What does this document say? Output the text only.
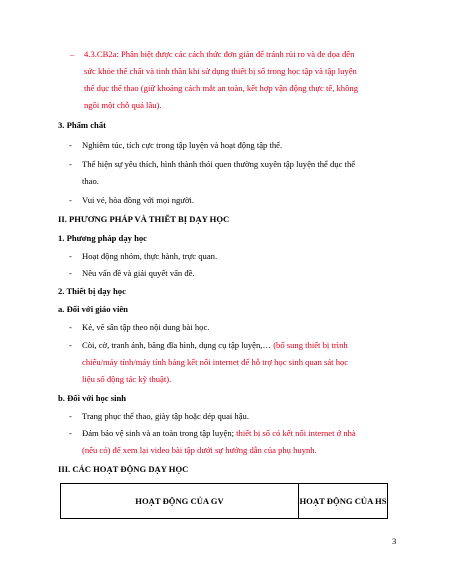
– 4.3.CB2a: Phân biệt được các cách thức đơn giản để tránh rủi ro và đe dọa đến
sức khỏe thể chất và tinh thần khi sử dụng thiết bị số trong học tập và tập luyện
thể dục thể thao (giữ khoảng cách mắt an toàn, kết hợp vận động thực tế, không
ngồi một chỗ quá lâu).
3. Phẩm chất
- Nghiêm túc, tích cực trong tập luyện và hoạt động tập thể.
- Thể hiện sự yêu thích, hình thành thói quen thường xuyên tập luyện thể dục thể
thao.
- Vui vẻ, hòa đồng với mọi người.
II. PHƯƠNG PHÁP VÀ THIẾT BỊ DẠY HỌC
1. Phương pháp dạy học
- Hoạt động nhóm, thực hành, trực quan.
- Nêu vấn đề và giải quyết vấn đề.
2. Thiết bị dạy học
a. Đối với giáo viên
- Kẻ, vẽ sân tập theo nội dung bài học.
- Còi, cờ, tranh ảnh, băng đĩa hình, dụng cụ tập luyện,… (bổ sung thiết bị trình
chiếu/máy tính/máy tính bảng kết nối internet để hỗ trợ học sinh quan sát học
liệu số động tác kỹ thuật).
b. Đối với học sinh
- Trang phục thể thao, giày tập hoặc dép quai hậu.
- Đảm bảo vệ sinh và an toàn trong tập luyện; thiết bị số có kết nối internet ở nhà
(nếu có) để xem lại video bài tập dưới sự hướng dẫn của phụ huynh.
III. CÁC HOẠT ĐỘNG DẠY HỌC
HOẠT ĐỘNG CỦA GV	HOẠT ĐỘNG CỦA HS
3
